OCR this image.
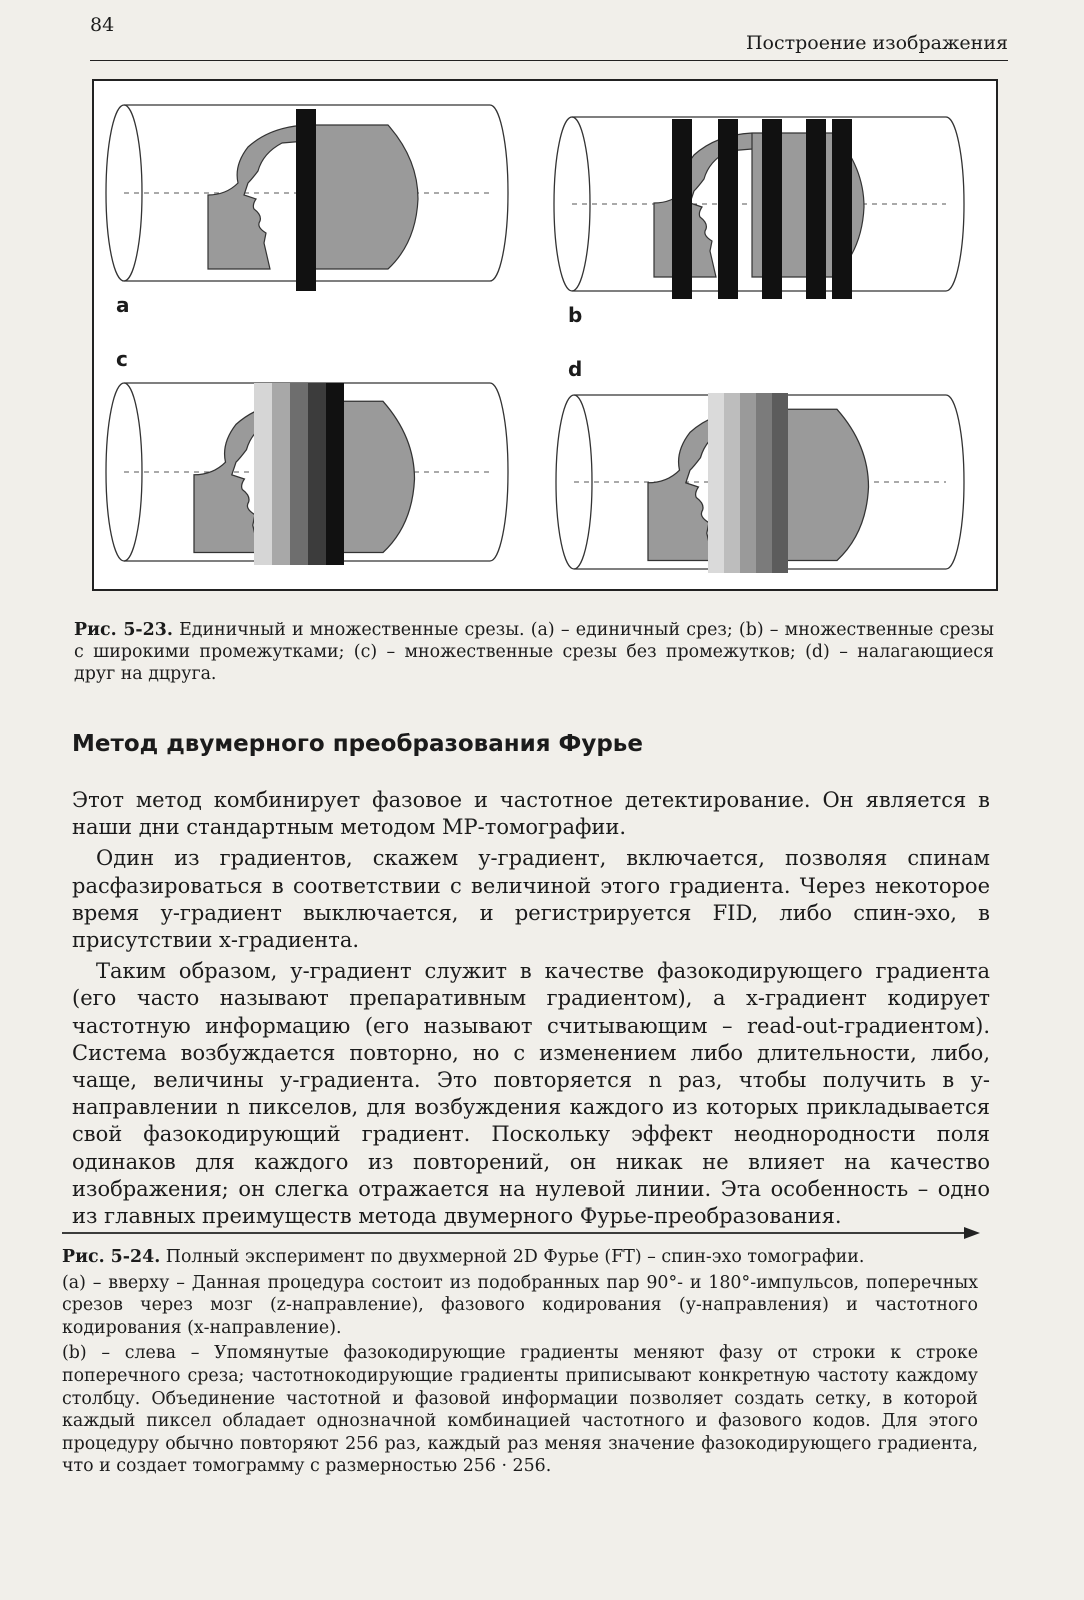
84
Построение изображения
a	b
c	d

Рис. 5-23. Единичный и множественные срезы. (a) – единичный срез; (b) – множественные срезы с широкими промежутками; (c) – множественные срезы без промежутков; (d) – налагающиеся друг на дцруга.

Метод двумерного преобразования Фурье

Этот метод комбинирует фазовое и частотное детектирование. Он является в наши дни стандартным методом МР-томографии.

Один из градиентов, скажем у-градиент, включается, позволяя спинам расфазироваться в соответствии с величиной этого градиента. Через некоторое время у-градиент выключается, и регистрируется FID, либо спин-эхо, в присутствии х-градиента.

Таким образом, у-градиент служит в качестве фазокодирующего градиента (его часто называют препаративным градиентом), а х-градиент кодирует частотную информацию (его называют считывающим – read-out-градиентом). Система возбуждается повторно, но с изменением либо длительности, либо, чаще, величины у-градиента. Это повторяется n раз, чтобы получить в у-направлении n пикселов, для возбуждения каждого из которых прикладывается свой фазокодирующий градиент. Поскольку эффект неоднородности поля одинаков для каждого из повторений, он никак не влияет на качество изображения; он слегка отражается на нулевой линии. Эта особенность – одно из главных преимуществ метода двумерного Фурье-преобразования.

Рис. 5-24. Полный эксперимент по двухмерной 2D Фурье (FT) – спин-эхо томографии.

(a) – вверху – Данная процедура состоит из подобранных пар 90°- и 180°-импульсов, поперечных срезов через мозг (z-направление), фазового кодирования (у-направления) и частотного кодирования (х-направление).

(b) – слева – Упомянутые фазокодирующие градиенты меняют фазу от строки к строке поперечного среза; частотнокодирующие градиенты приписывают конкретную частоту каждому столбцу. Объединение частотной и фазовой информации позволяет создать сетку, в которой каждый пиксел обладает однозначной комбинацией частотного и фазового кодов. Для этого процедуру обычно повторяют 256 раз, каждый раз меняя значение фазокодирующего градиента, что и создает томограмму с размерностью 256 · 256.
